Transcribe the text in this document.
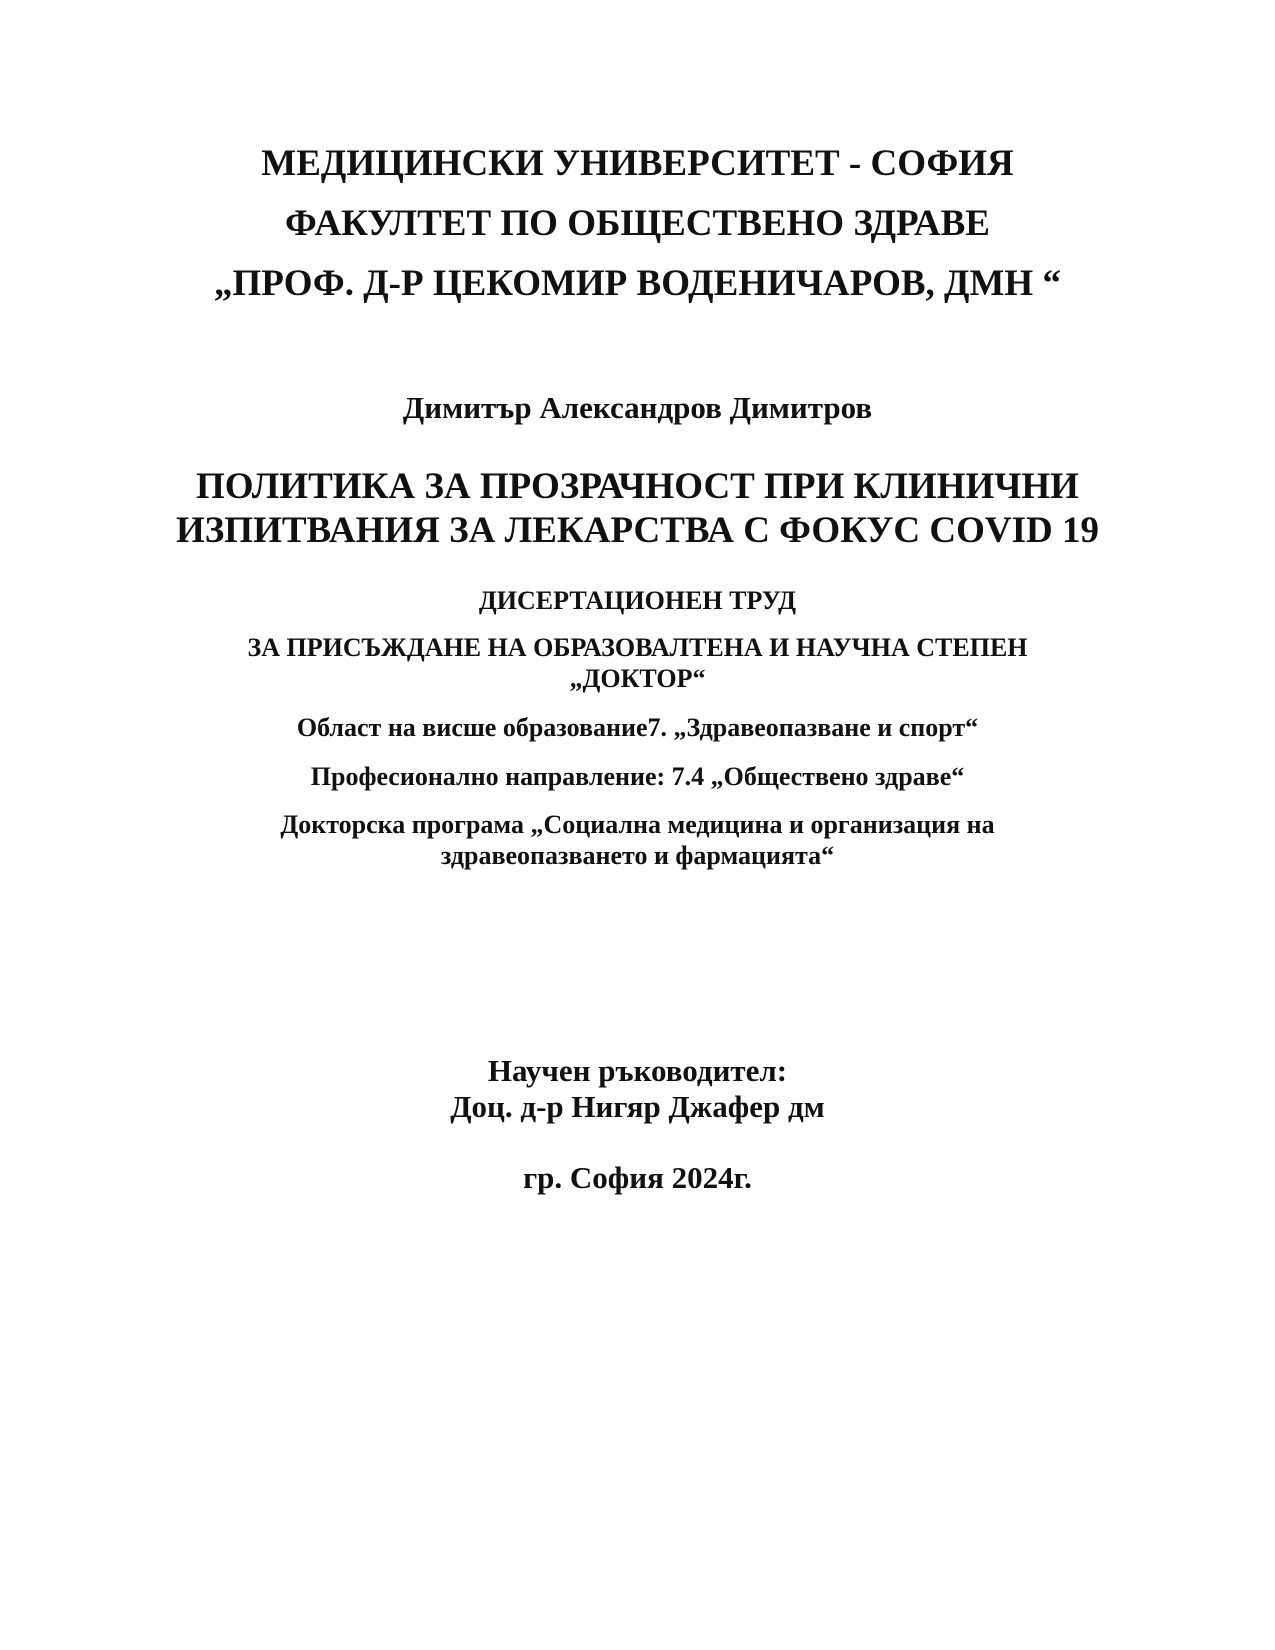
МЕДИЦИНСКИ УНИВЕРСИТЕТ - СОФИЯ
ФАКУЛТЕТ ПО ОБЩЕСТВЕНО ЗДРАВЕ
„ПРОФ. Д-Р ЦЕКОМИР ВОДЕНИЧАРОВ, ДМН “
Димитър Александров Димитров
ПОЛИТИКА ЗА ПРОЗРАЧНОСТ ПРИ КЛИНИЧНИ
ИЗПИТВАНИЯ ЗА ЛЕКАРСТВА С ФОКУС COVID 19
ДИСЕРТАЦИОНЕН ТРУД
ЗА ПРИСЪЖДАНЕ НА ОБРАЗОВАЛТЕНА И НАУЧНА СТЕПЕН
„ДОКТОР“
Област на висше образование7. „Здравеопазване и спорт“
Професионално направление: 7.4 „Обществено здраве“
Докторска програма „Социална медицина и организация на
здравеопазването и фармацията“
Научен ръководител:
Доц. д-р Нигяр Джафер дм
гр. София 2024г.
